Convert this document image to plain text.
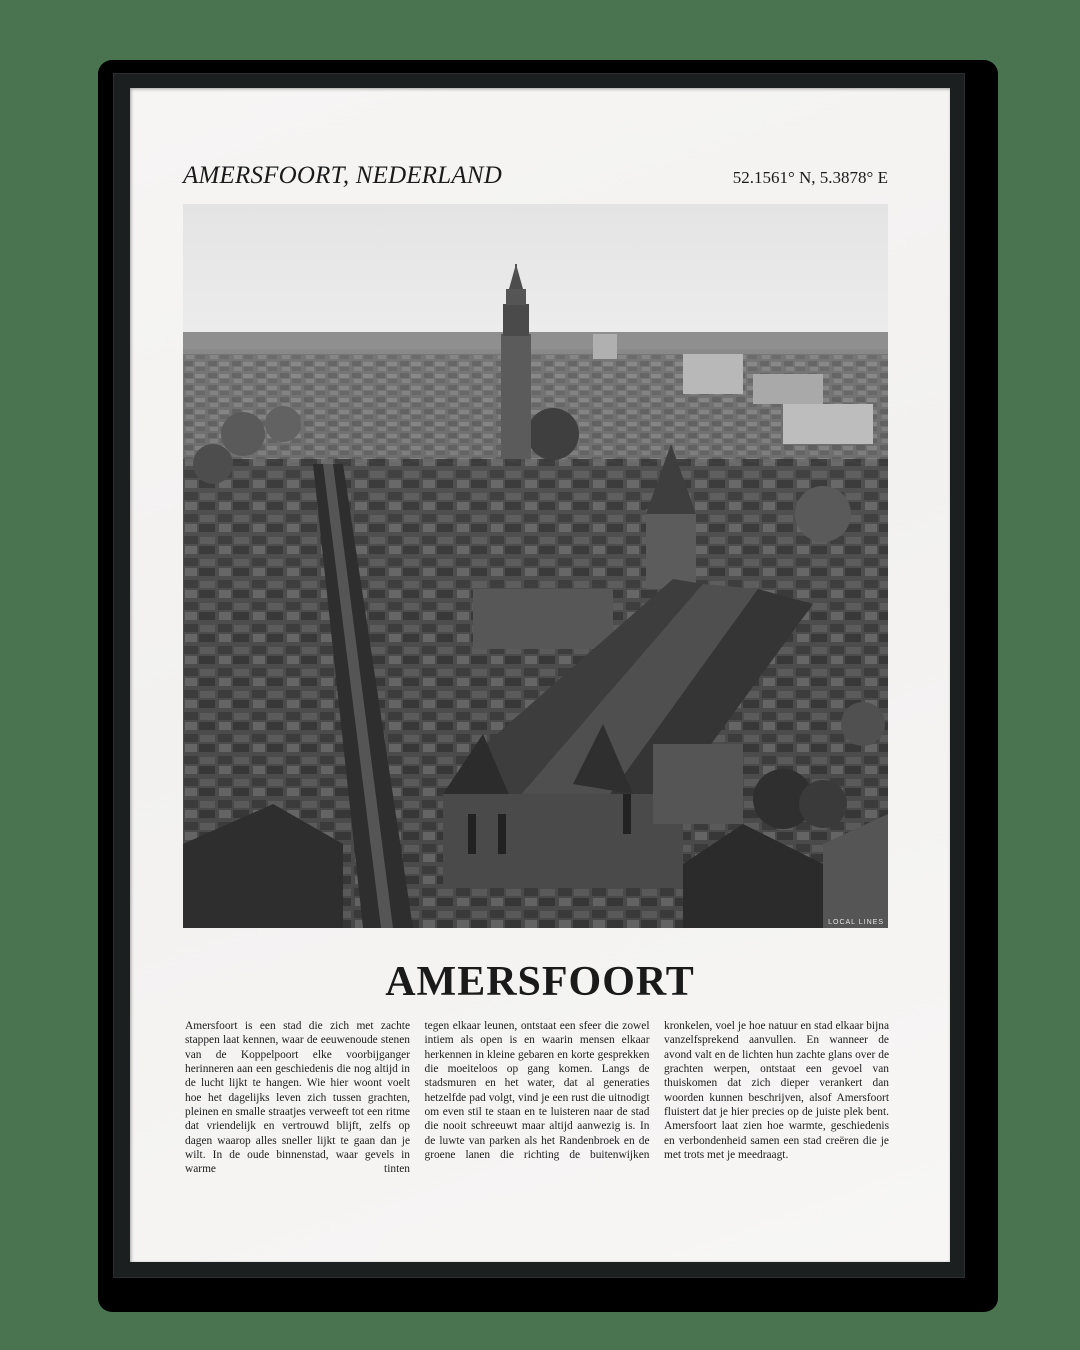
AMERSFOORT, NEDERLAND	52.1561° N, 5.3878° E
LOCAL LINES
AMERSFOORT
Amersfoort is een stad die zich met zachte stappen laat kennen, waar de eeuwenoude stenen van de Koppelpoort elke voorbijganger herinneren aan een geschiedenis die nog altijd in de lucht lijkt te hangen. Wie hier woont voelt hoe het dagelijks leven zich tussen grachten, pleinen en smalle straatjes verweeft tot een ritme dat vriendelijk en vertrouwd blijft, zelfs op dagen waarop alles sneller lijkt te gaan dan je wilt. In de oude binnenstad, waar gevels in warme tinten
tegen elkaar leunen, ontstaat een sfeer die zowel intiem als open is en waarin mensen elkaar herkennen in kleine gebaren en korte gesprekken die moeiteloos op gang komen. Langs de stadsmuren en het water, dat al generaties hetzelfde pad volgt, vind je een rust die uitnodigt om even stil te staan en te luisteren naar de stad die nooit schreeuwt maar altijd aanwezig is. In de luwte van parken als het Randenbroek en de groene lanen die richting de buitenwijken
kronkelen, voel je hoe natuur en stad elkaar bijna vanzelfsprekend aanvullen. En wanneer de avond valt en de lichten hun zachte glans over de grachten werpen, ontstaat een gevoel van thuiskomen dat zich dieper verankert dan woorden kunnen beschrijven, alsof Amersfoort fluistert dat je hier precies op de juiste plek bent. Amersfoort laat zien hoe warmte, geschiedenis en verbondenheid samen een stad creëren die je met trots met je meedraagt.
